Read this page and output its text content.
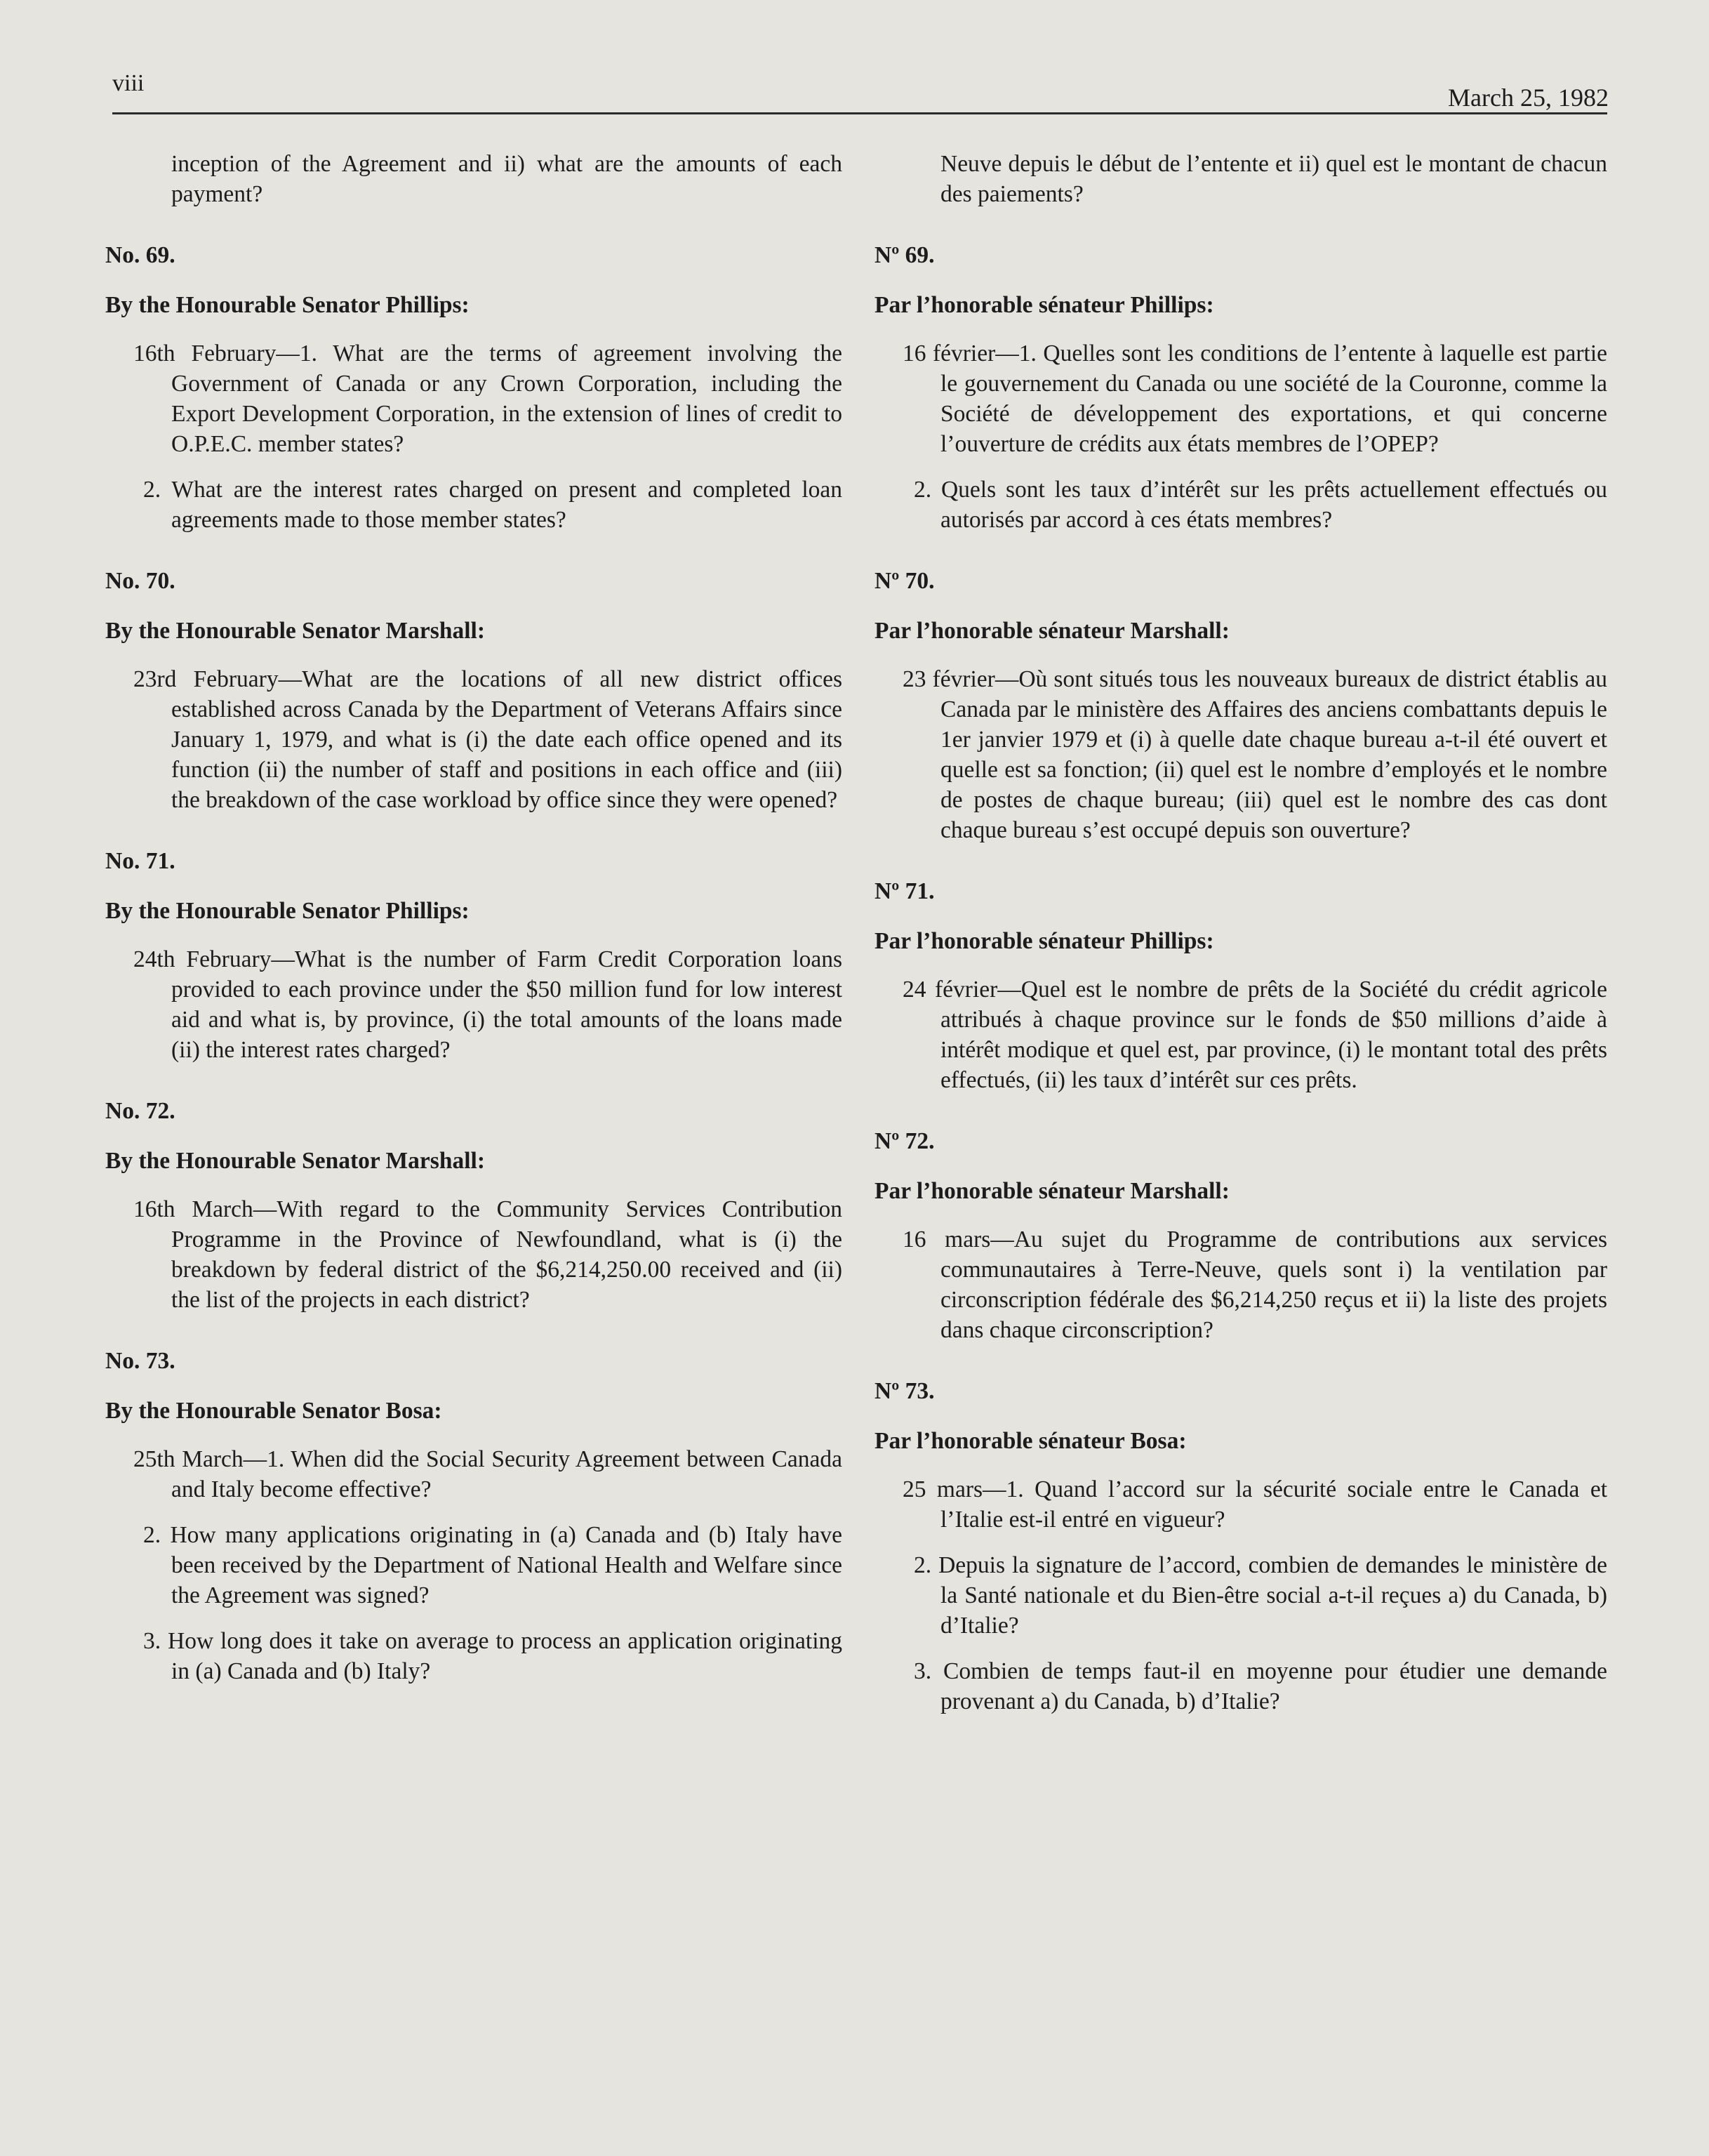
viii
March 25, 1982

inception of the Agreement and ii) what are the amounts of each payment?

No. 69.

By the Honourable Senator Phillips:

16th February—1. What are the terms of agreement involving the Government of Canada or any Crown Corporation, including the Export Development Corporation, in the extension of lines of credit to O.P.E.C. member states?

2. What are the interest rates charged on present and completed loan agreements made to those member states?

No. 70.

By the Honourable Senator Marshall:

23rd February—What are the locations of all new district offices established across Canada by the Department of Veterans Affairs since January 1, 1979, and what is (i) the date each office opened and its function (ii) the number of staff and positions in each office and (iii) the breakdown of the case workload by office since they were opened?

No. 71.

By the Honourable Senator Phillips:

24th February—What is the number of Farm Credit Corporation loans provided to each province under the $50 million fund for low interest aid and what is, by province, (i) the total amounts of the loans made (ii) the interest rates charged?

No. 72.

By the Honourable Senator Marshall:

16th March—With regard to the Community Services Contribution Programme in the Province of Newfoundland, what is (i) the breakdown by federal district of the $6,214,250.00 received and (ii) the list of the projects in each district?

No. 73.

By the Honourable Senator Bosa:

25th March—1. When did the Social Security Agreement between Canada and Italy become effective?

2. How many applications originating in (a) Canada and (b) Italy have been received by the Department of National Health and Welfare since the Agreement was signed?

3. How long does it take on average to process an application originating in (a) Canada and (b) Italy?

Neuve depuis le début de l’entente et ii) quel est le montant de chacun des paiements?

Nº 69.

Par l’honorable sénateur Phillips:

16 février—1. Quelles sont les conditions de l’entente à laquelle est partie le gouvernement du Canada ou une société de la Couronne, comme la Société de développement des exportations, et qui concerne l’ouverture de crédits aux états membres de l’OPEP?

2. Quels sont les taux d’intérêt sur les prêts actuellement effectués ou autorisés par accord à ces états membres?

Nº 70.

Par l’honorable sénateur Marshall:

23 février—Où sont situés tous les nouveaux bureaux de district établis au Canada par le ministère des Affaires des anciens combattants depuis le 1er janvier 1979 et (i) à quelle date chaque bureau a-t-il été ouvert et quelle est sa fonction; (ii) quel est le nombre d’employés et le nombre de postes de chaque bureau; (iii) quel est le nombre des cas dont chaque bureau s’est occupé depuis son ouverture?

Nº 71.

Par l’honorable sénateur Phillips:

24 février—Quel est le nombre de prêts de la Société du crédit agricole attribués à chaque province sur le fonds de $50 millions d’aide à intérêt modique et quel est, par province, (i) le montant total des prêts effectués, (ii) les taux d’intérêt sur ces prêts.

Nº 72.

Par l’honorable sénateur Marshall:

16 mars—Au sujet du Programme de contributions aux services communautaires à Terre-Neuve, quels sont i) la ventilation par circonscription fédérale des $6,214,250 reçus et ii) la liste des projets dans chaque circonscription?

Nº 73.

Par l’honorable sénateur Bosa:

25 mars—1. Quand l’accord sur la sécurité sociale entre le Canada et l’Italie est-il entré en vigueur?

2. Depuis la signature de l’accord, combien de demandes le ministère de la Santé nationale et du Bien-être social a-t-il reçues a) du Canada, b) d’Italie?

3. Combien de temps faut-il en moyenne pour étudier une demande provenant a) du Canada, b) d’Italie?
